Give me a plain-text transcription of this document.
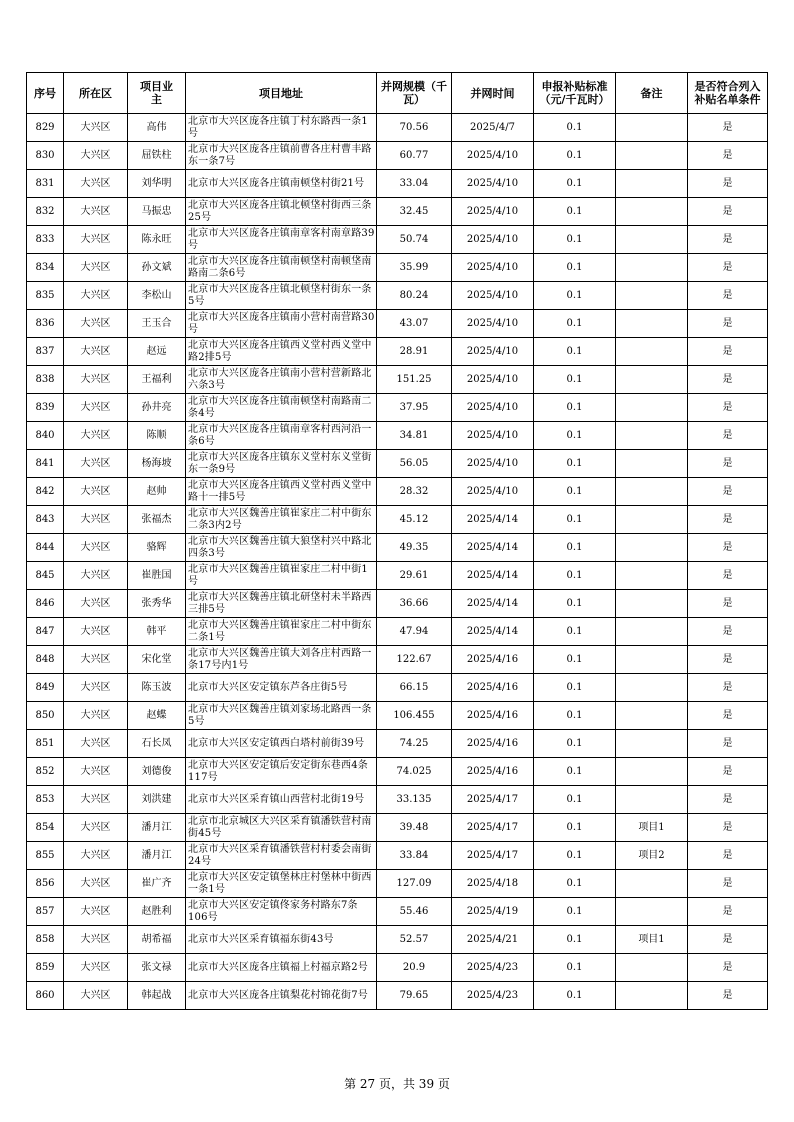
序号	所在区	项目业主	项目地址	并网规模（千瓦）	并网时间	申报补贴标准（元/千瓦时）	备注	是否符合列入补贴名单条件
829	大兴区	高伟	北京市大兴区庞各庄镇丁村东路西一条1号	70.56	2025/4/7	0.1		是
830	大兴区	屈铁柱	北京市大兴区庞各庄镇前曹各庄村曹丰路东一条7号	60.77	2025/4/10	0.1		是
831	大兴区	刘华明	北京市大兴区庞各庄镇南顿垡村街21号	33.04	2025/4/10	0.1		是
832	大兴区	马振忠	北京市大兴区庞各庄镇北顿垡村街西三条25号	32.45	2025/4/10	0.1		是
833	大兴区	陈永旺	北京市大兴区庞各庄镇南章客村南章路39号	50.74	2025/4/10	0.1		是
834	大兴区	孙文斌	北京市大兴区庞各庄镇南顿垡村南顿垡南路南二条6号	35.99	2025/4/10	0.1		是
835	大兴区	李松山	北京市大兴区庞各庄镇北顿垡村街东一条5号	80.24	2025/4/10	0.1		是
836	大兴区	王玉合	北京市大兴区庞各庄镇南小营村南营路30号	43.07	2025/4/10	0.1		是
837	大兴区	赵远	北京市大兴区庞各庄镇西义堂村西义堂中路2排5号	28.91	2025/4/10	0.1		是
838	大兴区	王福利	北京市大兴区庞各庄镇南小营村营新路北六条3号	151.25	2025/4/10	0.1		是
839	大兴区	孙井亮	北京市大兴区庞各庄镇南顿垡村南路南二条4号	37.95	2025/4/10	0.1		是
840	大兴区	陈顺	北京市大兴区庞各庄镇南章客村西河沿一条6号	34.81	2025/4/10	0.1		是
841	大兴区	杨海坡	北京市大兴区庞各庄镇东义堂村东义堂街东一条9号	56.05	2025/4/10	0.1		是
842	大兴区	赵帅	北京市大兴区庞各庄镇西义堂村西义堂中路十一排5号	28.32	2025/4/10	0.1		是
843	大兴区	张福杰	北京市大兴区魏善庄镇崔家庄二村中街东二条3内2号	45.12	2025/4/14	0.1		是
844	大兴区	骆辉	北京市大兴区魏善庄镇大狼垡村兴中路北四条3号	49.35	2025/4/14	0.1		是
845	大兴区	崔胜国	北京市大兴区魏善庄镇崔家庄二村中街1号	29.61	2025/4/14	0.1		是
846	大兴区	张秀华	北京市大兴区魏善庄镇北研垡村未半路西三排5号	36.66	2025/4/14	0.1		是
847	大兴区	韩平	北京市大兴区魏善庄镇崔家庄二村中街东二条1号	47.94	2025/4/14	0.1		是
848	大兴区	宋化堂	北京市大兴区魏善庄镇大刘各庄村西路一条17号内1号	122.67	2025/4/16	0.1		是
849	大兴区	陈玉波	北京市大兴区安定镇东芦各庄街5号	66.15	2025/4/16	0.1		是
850	大兴区	赵蝶	北京市大兴区魏善庄镇刘家场北路西一条5号	106.455	2025/4/16	0.1		是
851	大兴区	石长凤	北京市大兴区安定镇西白塔村前街39号	74.25	2025/4/16	0.1		是
852	大兴区	刘德俊	北京市大兴区安定镇后安定街东巷西4条117号	74.025	2025/4/16	0.1		是
853	大兴区	刘洪建	北京市大兴区采育镇山西营村北街19号	33.135	2025/4/17	0.1		是
854	大兴区	潘月江	北京市北京城区大兴区采育镇潘铁营村南街45号	39.48	2025/4/17	0.1	项目1	是
855	大兴区	潘月江	北京市大兴区采育镇潘铁营村村委会南街24号	33.84	2025/4/17	0.1	项目2	是
856	大兴区	崔广齐	北京市大兴区安定镇堡林庄村堡林中街西一条1号	127.09	2025/4/18	0.1		是
857	大兴区	赵胜利	北京市大兴区安定镇佟家务村路东7条106号	55.46	2025/4/19	0.1		是
858	大兴区	胡希福	北京市大兴区采育镇福东街43号	52.57	2025/4/21	0.1	项目1	是
859	大兴区	张文禄	北京市大兴区庞各庄镇福上村福京路2号	20.9	2025/4/23	0.1		是
860	大兴区	韩起战	北京市大兴区庞各庄镇梨花村锦花街7号	79.65	2025/4/23	0.1		是
第 27 页，共 39 页
